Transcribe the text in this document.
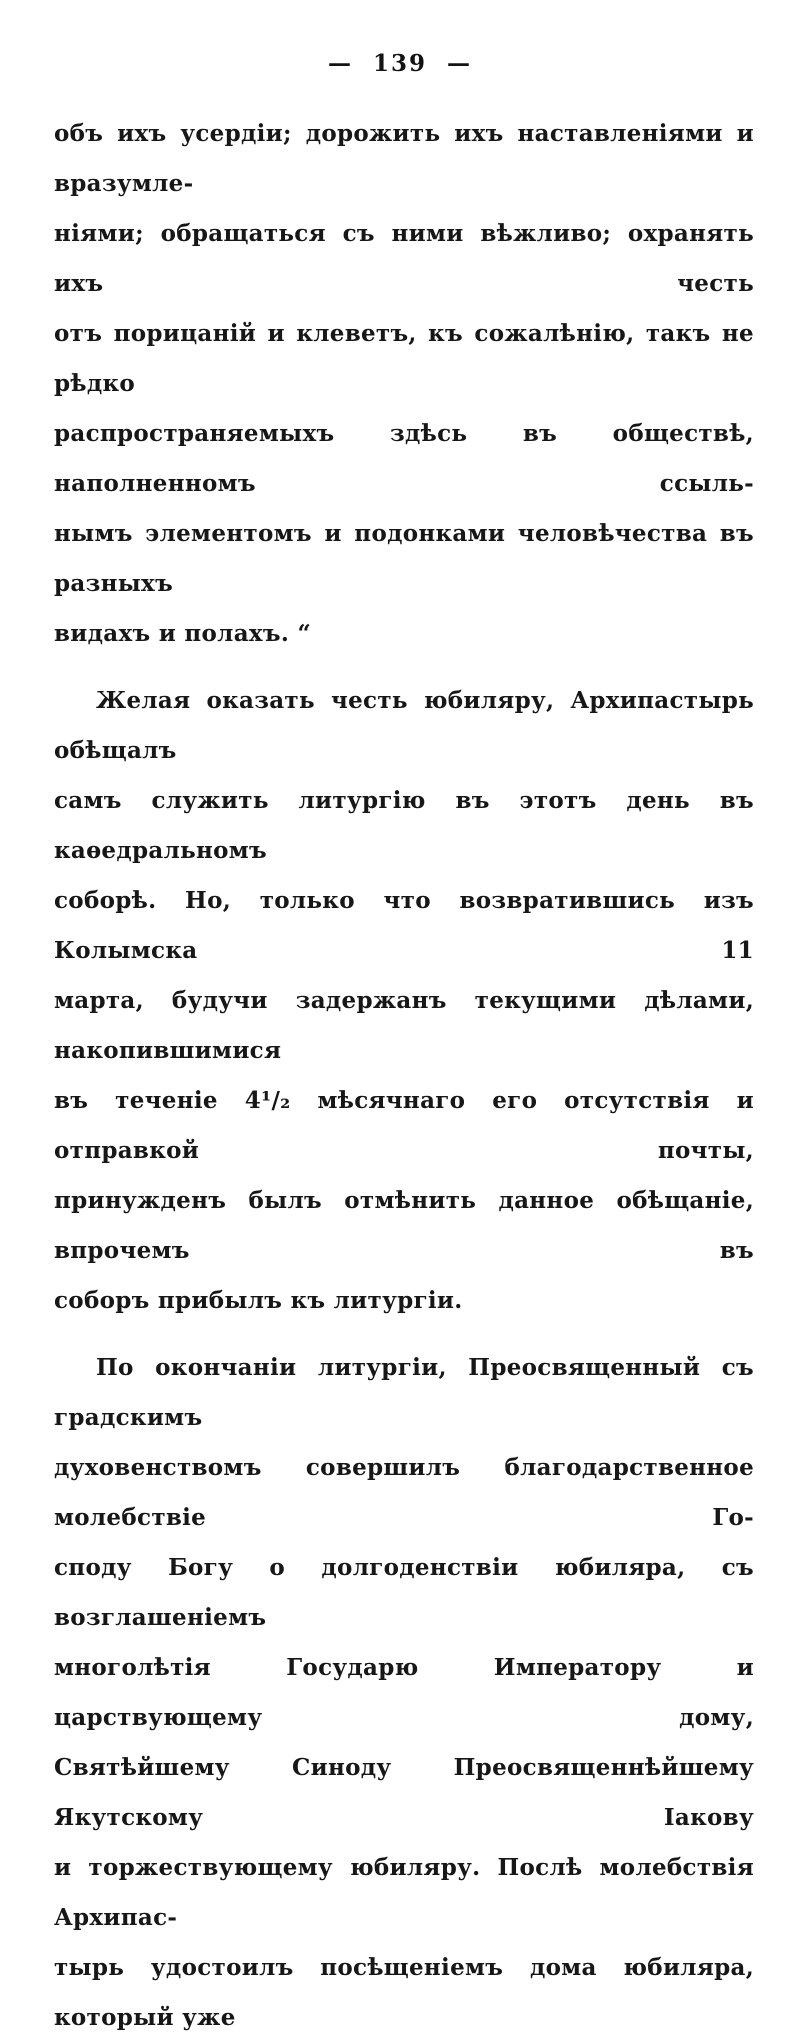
— 139 —
объ ихъ усердіи; дорожить ихъ наставленіями и вразумле-
ніями; обращаться съ ними вѣжливо; охранять ихъ честь
отъ порицаній и клеветъ, къ сожалѣнію, такъ не рѣдко
распространяемыхъ здѣсь въ обществѣ, наполненномъ ссыль-
нымъ элементомъ и подонками человѣчества въ разныхъ
видахъ и полахъ. “
Желая оказать честь юбиляру, Архипастырь обѣщалъ
самъ служить литургію въ этотъ день въ каѳедральномъ
соборѣ. Но, только что возвратившись изъ Колымска 11
марта, будучи задержанъ текущими дѣлами, накопившимися
въ теченіе 4¹/₂ мѣсячнаго его отсутствія и отправкой почты,
принужденъ былъ отмѣнить данное обѣщаніе, впрочемъ въ
соборъ прибылъ къ литургіи.
По окончаніи литургіи, Преосвященный съ градскимъ
духовенствомъ совершилъ благодарственное молебствіе Го-
споду Богу о долгоденствіи юбиляра, съ возглашеніемъ
многолѣтія Государю Императору и царствующему дому,
Святѣйшему Синоду Преосвященнѣйшему Якутскому Іакову
и торжествующему юбиляру. Послѣ молебствія Архипас-
тырь удостоилъ посѣщеніемъ дома юбиляра, который уже
